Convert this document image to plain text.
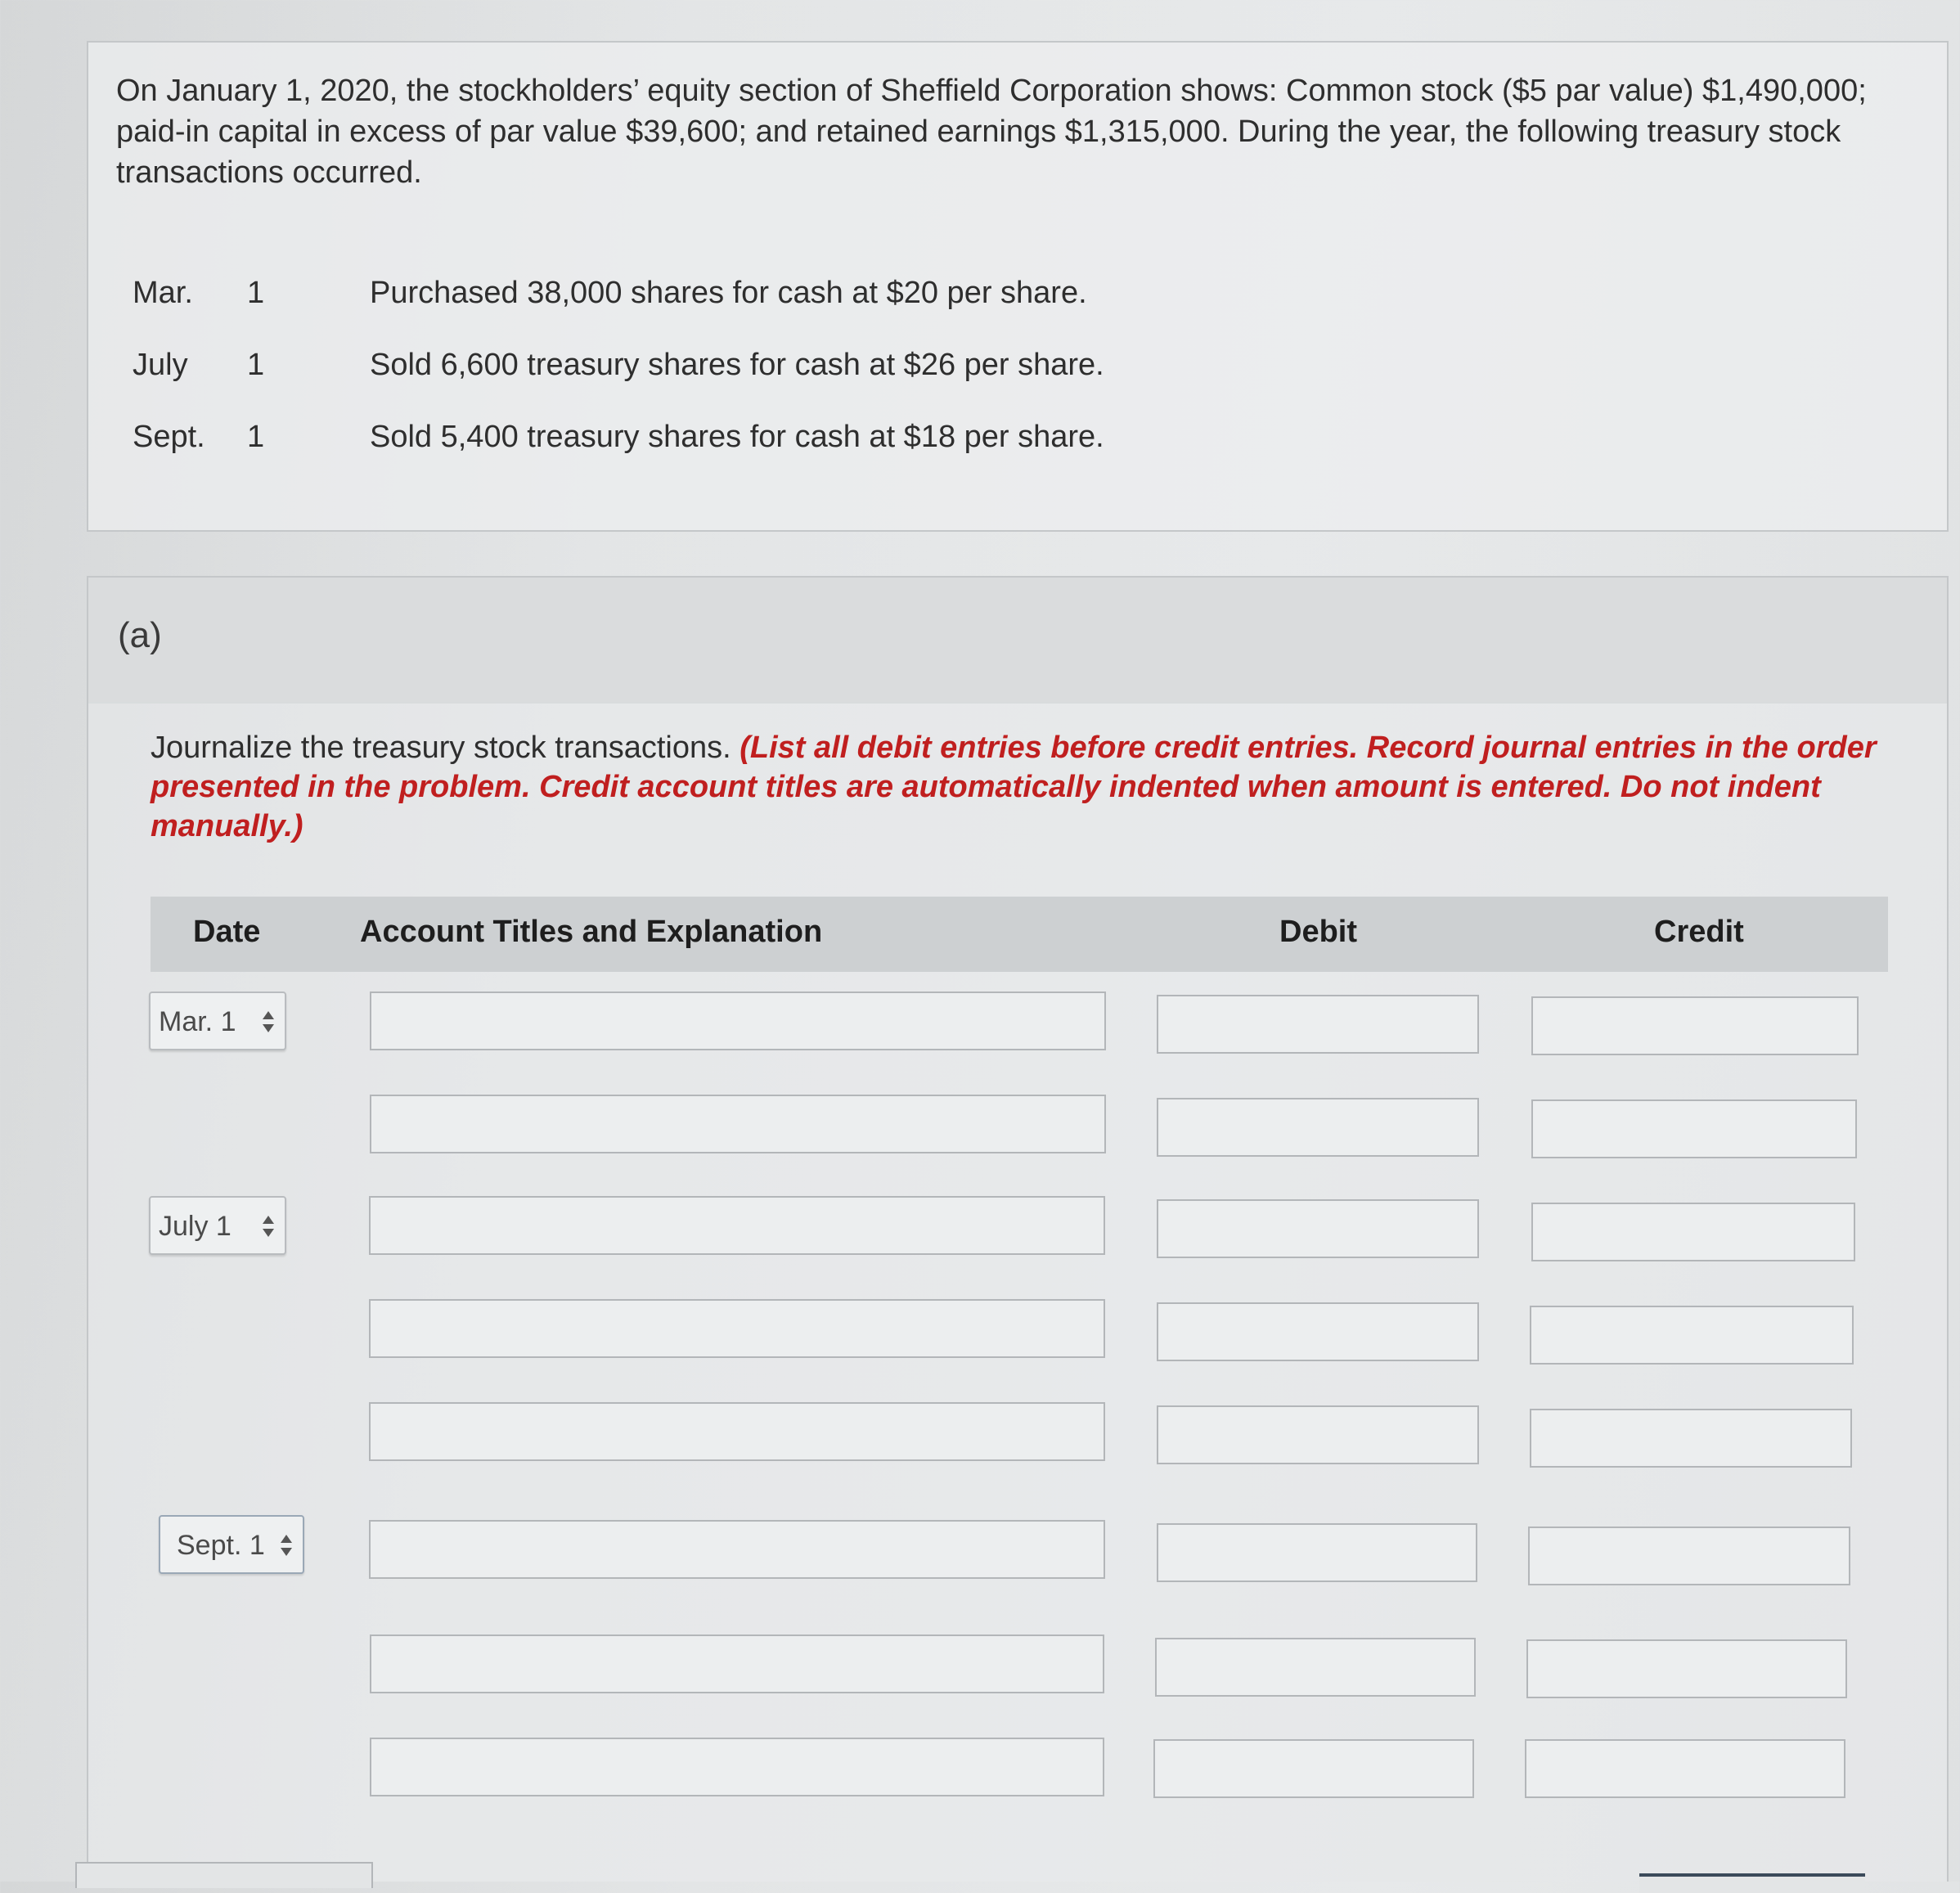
On January 1, 2020, the stockholders’ equity section of Sheffield Corporation shows: Common stock ($5 par value) $1,490,000; paid-in capital in excess of par value $39,600; and retained earnings $1,315,000. During the year, the following treasury stock transactions occurred.
Mar.	1	Purchased 38,000 shares for cash at $20 per share.
July	1	Sold 6,600 treasury shares for cash at $26 per share.
Sept.	1	Sold 5,400 treasury shares for cash at $18 per share.
(a)
Journalize the treasury stock transactions. (List all debit entries before credit entries. Record journal entries in the order presented in the problem. Credit account titles are automatically indented when amount is entered. Do not indent manually.)
Date	Account Titles and Explanation	Debit	Credit
Mar. 1
July 1
Sept. 1
